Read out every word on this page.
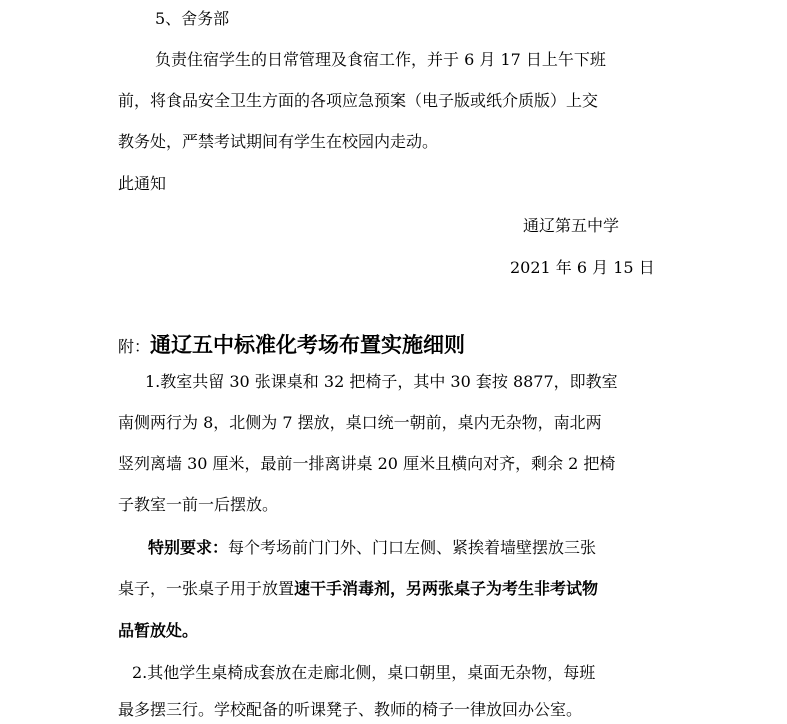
5、舍务部
负责住宿学生的日常管理及食宿工作，并于 6 月 17 日上午下班
前，将食品安全卫生方面的各项应急预案（电子版或纸介质版）上交
教务处，严禁考试期间有学生在校园内走动。
此通知
通辽第五中学
2021 年 6 月 15 日
附：通辽五中标准化考场布置实施细则
1.教室共留 30 张课桌和 32 把椅子，其中 30 套按 8877，即教室
南侧两行为 8，北侧为 7 摆放，桌口统一朝前，桌内无杂物，南北两
竖列离墙 30 厘米，最前一排离讲桌 20 厘米且横向对齐，剩余 2 把椅
子教室一前一后摆放。
特别要求：每个考场前门门外、门口左侧、紧挨着墙壁摆放三张
桌子，一张桌子用于放置速干手消毒剂，另两张桌子为考生非考试物
品暂放处。
2.其他学生桌椅成套放在走廊北侧，桌口朝里，桌面无杂物，每班
最多摆三行。学校配备的听课凳子、教师的椅子一律放回办公室。
